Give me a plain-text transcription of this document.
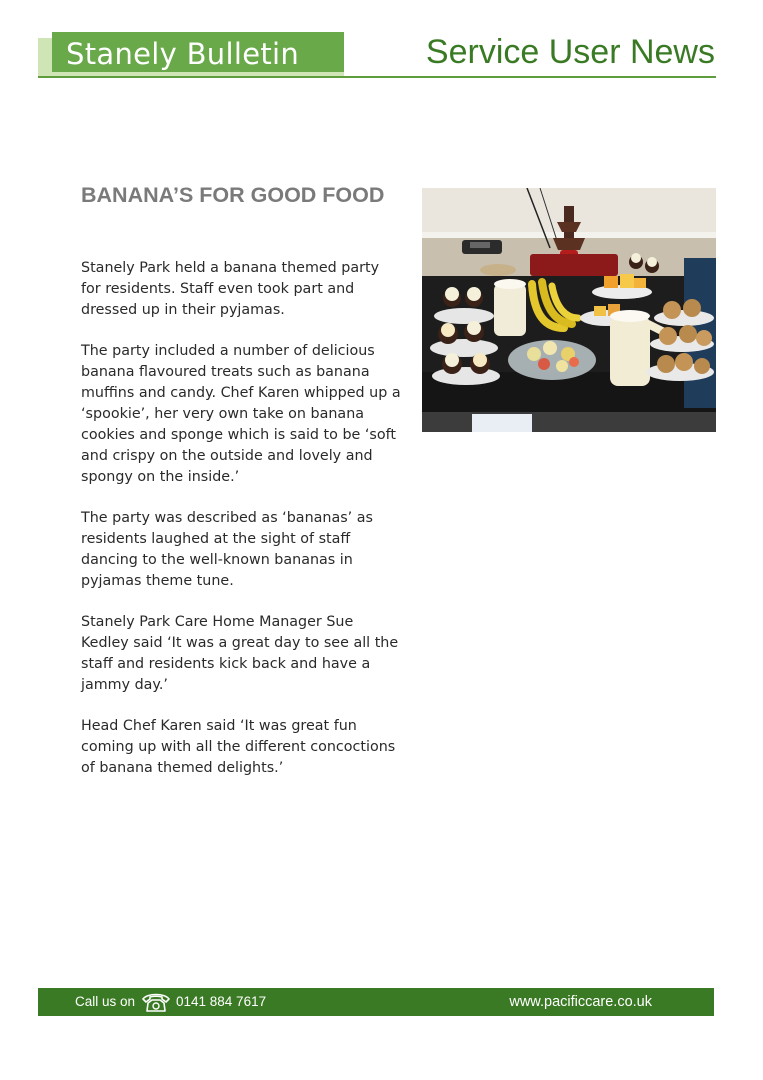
Stanely Bulletin	Service User News
BANANA’S FOR GOOD FOOD

Stanely Park held a banana themed party for residents. Staff even took part and dressed up in their pyjamas.

The party included a number of delicious banana flavoured treats such as banana muffins and candy. Chef Karen whipped up a ‘spookie’, her very own take on banana cookies and sponge which is said to be ‘soft and crispy on the outside and lovely and spongy on the inside.’

The party was described as ‘bananas’ as residents laughed at the sight of staff dancing to the well-known bananas in pyjamas theme tune.

Stanely Park Care Home Manager Sue Kedley said ‘It was a great day to see all the staff and residents kick back and have a jammy day.’

Head Chef Karen said ‘It was great fun coming up with all the different concoctions of banana themed delights.’

Call us on	0141 884 7617	www.pacificcare.co.uk
